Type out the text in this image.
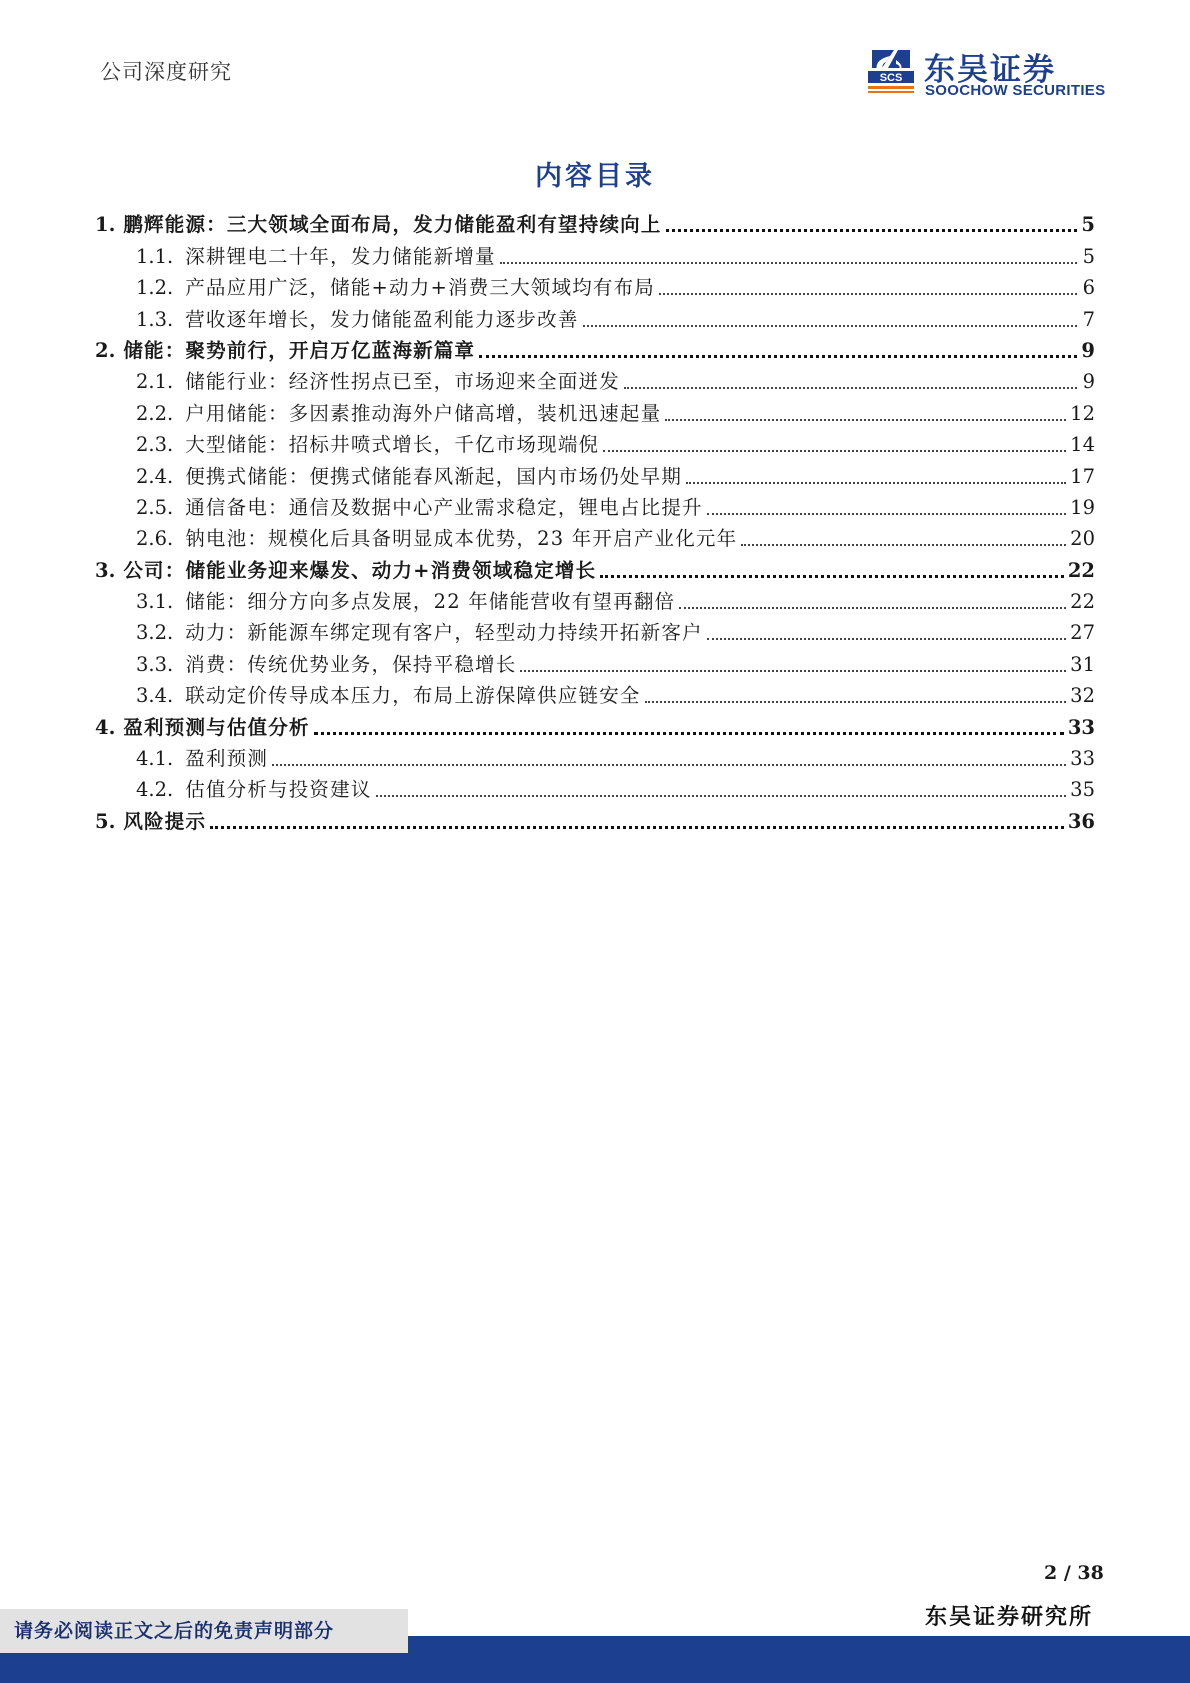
公司深度研究	SCS 东吴证券
SOOCHOW SECURITIES
内容目录
1. 鹏辉能源：三大领域全面布局，发力储能盈利有望持续向上	5
1.1. 深耕锂电二十年，发力储能新增量	5
1.2. 产品应用广泛，储能+动力+消费三大领域均有布局	6
1.3. 营收逐年增长，发力储能盈利能力逐步改善	7
2. 储能：聚势前行，开启万亿蓝海新篇章	9
2.1. 储能行业：经济性拐点已至，市场迎来全面迸发	9
2.2. 户用储能：多因素推动海外户储高增，装机迅速起量	12
2.3. 大型储能：招标井喷式增长，千亿市场现端倪	14
2.4. 便携式储能：便携式储能春风渐起，国内市场仍处早期	17
2.5. 通信备电：通信及数据中心产业需求稳定，锂电占比提升	19
2.6. 钠电池：规模化后具备明显成本优势，23 年开启产业化元年	20
3. 公司：储能业务迎来爆发、动力+消费领域稳定增长	22
3.1. 储能：细分方向多点发展，22 年储能营收有望再翻倍	22
3.2. 动力：新能源车绑定现有客户，轻型动力持续开拓新客户	27
3.3. 消费：传统优势业务，保持平稳增长	31
3.4. 联动定价传导成本压力，布局上游保障供应链安全	32
4. 盈利预测与估值分析	33
4.1. 盈利预测	33
4.2. 估值分析与投资建议	35
5. 风险提示	36
2 / 38
东吴证券研究所
请务必阅读正文之后的免责声明部分
